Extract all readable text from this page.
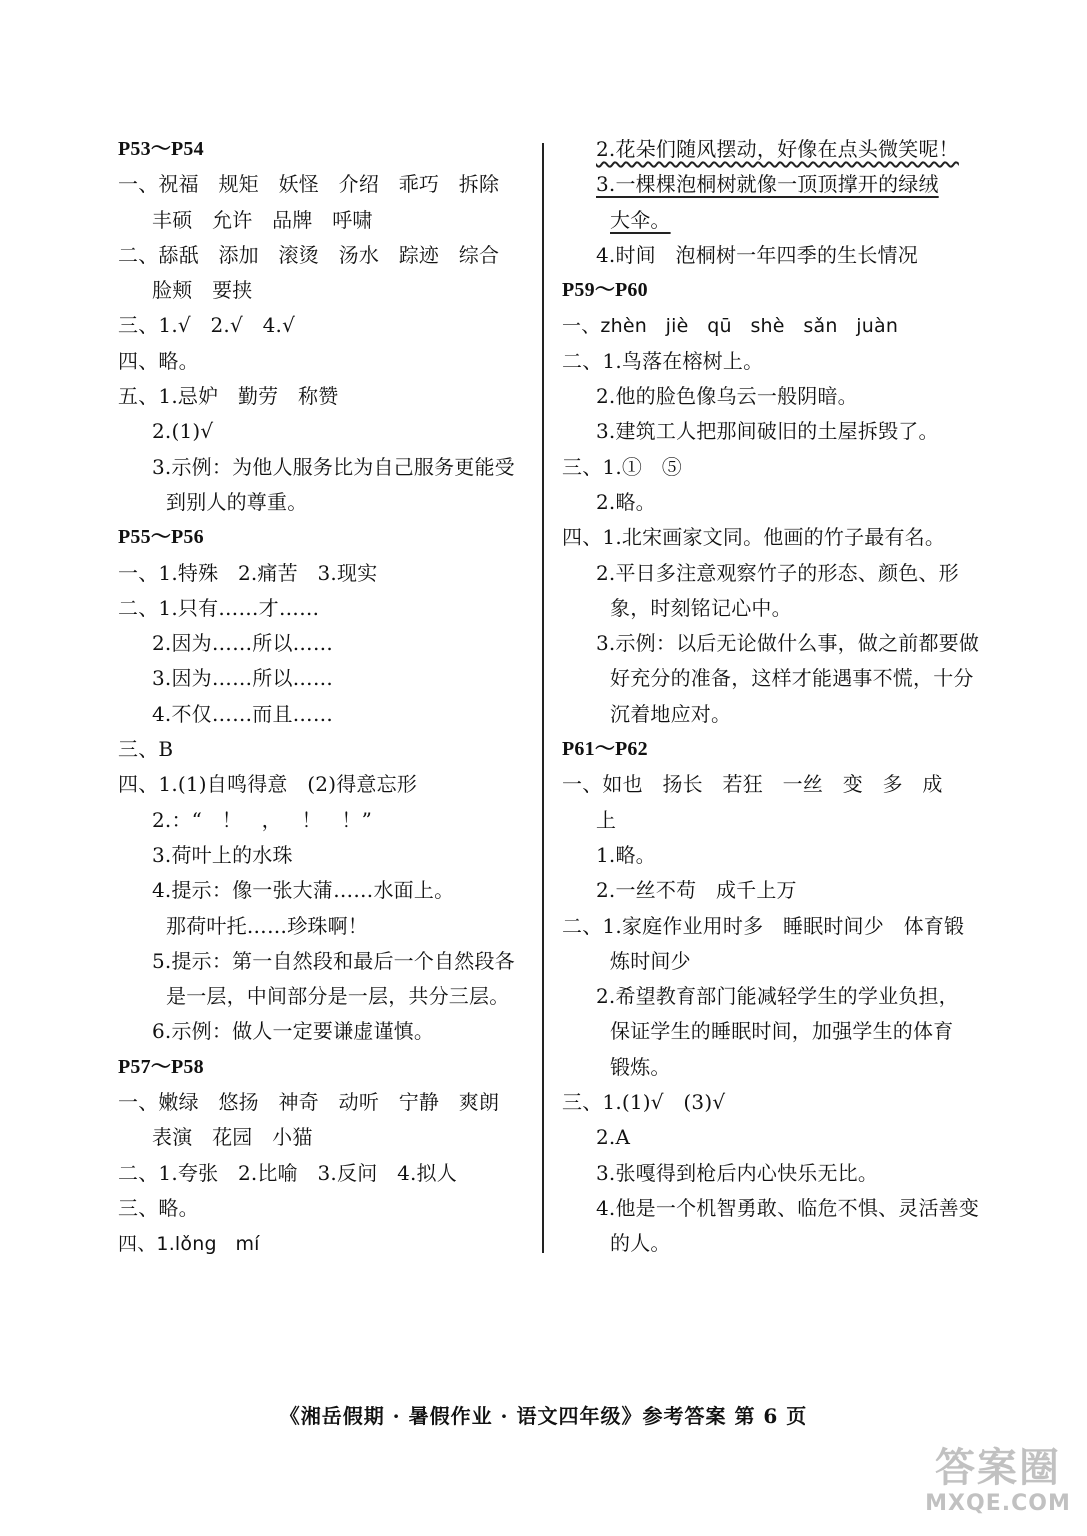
P53～P54
一、祝福   规矩   妖怪   介绍   乖巧   拆除
丰硕   允许   品牌   呼啸
二、舔舐   添加   滚烫   汤水   踪迹   综合
脸颊   要挟
三、1.√   2.√   4.√
四、略。
五、1.忌妒   勤劳   称赞
2.(1)√
3.示例：为他人服务比为自己服务更能受
到别人的尊重。
P55～P56
一、1.特殊   2.痛苦   3.现实
二、1.只有……才……
2.因为……所以……
3.因为……所以……
4.不仅……而且……
三、B
四、1.(1)自鸣得意   (2)得意忘形
2.：“   ！   ，   ！   ！”
3.荷叶上的水珠
4.提示：像一张大蒲……水面上。
那荷叶托……珍珠啊！
5.提示：第一自然段和最后一个自然段各
是一层，中间部分是一层，共分三层。
6.示例：做人一定要谦虚谨慎。
P57～P58
一、嫩绿   悠扬   神奇   动听   宁静   爽朗
表演   花园   小猫
二、1.夸张   2.比喻   3.反问   4.拟人
三、略。
四、1.lǒng   mí
2.花朵们随风摆动，好像在点头微笑呢！
3.一棵棵泡桐树就像一顶顶撑开的绿绒
大伞。
4.时间   泡桐树一年四季的生长情况
P59～P60
一、zhèn   jiè   qū   shè   sǎn   juàn
二、1.鸟落在榕树上。
2.他的脸色像乌云一般阴暗。
3.建筑工人把那间破旧的土屋拆毁了。
三、1.①   ⑤
2.略。
四、1.北宋画家文同。他画的竹子最有名。
2.平日多注意观察竹子的形态、颜色、形
象，时刻铭记心中。
3.示例：以后无论做什么事，做之前都要做
好充分的准备，这样才能遇事不慌，十分
沉着地应对。
P61～P62
一、如也   扬长   若狂   一丝   变   多   成
上
1.略。
2.一丝不苟   成千上万
二、1.家庭作业用时多   睡眠时间少   体育锻
炼时间少
2.希望教育部门能减轻学生的学业负担，
保证学生的睡眠时间，加强学生的体育
锻炼。
三、1.(1)√   (3)√
2.A
3.张嘎得到枪后内心快乐无比。
4.他是一个机智勇敢、临危不惧、灵活善变
的人。
《湘岳假期 · 暑假作业 · 语文四年级》参考答案 第 6 页
答案圈
MXQE.COM
